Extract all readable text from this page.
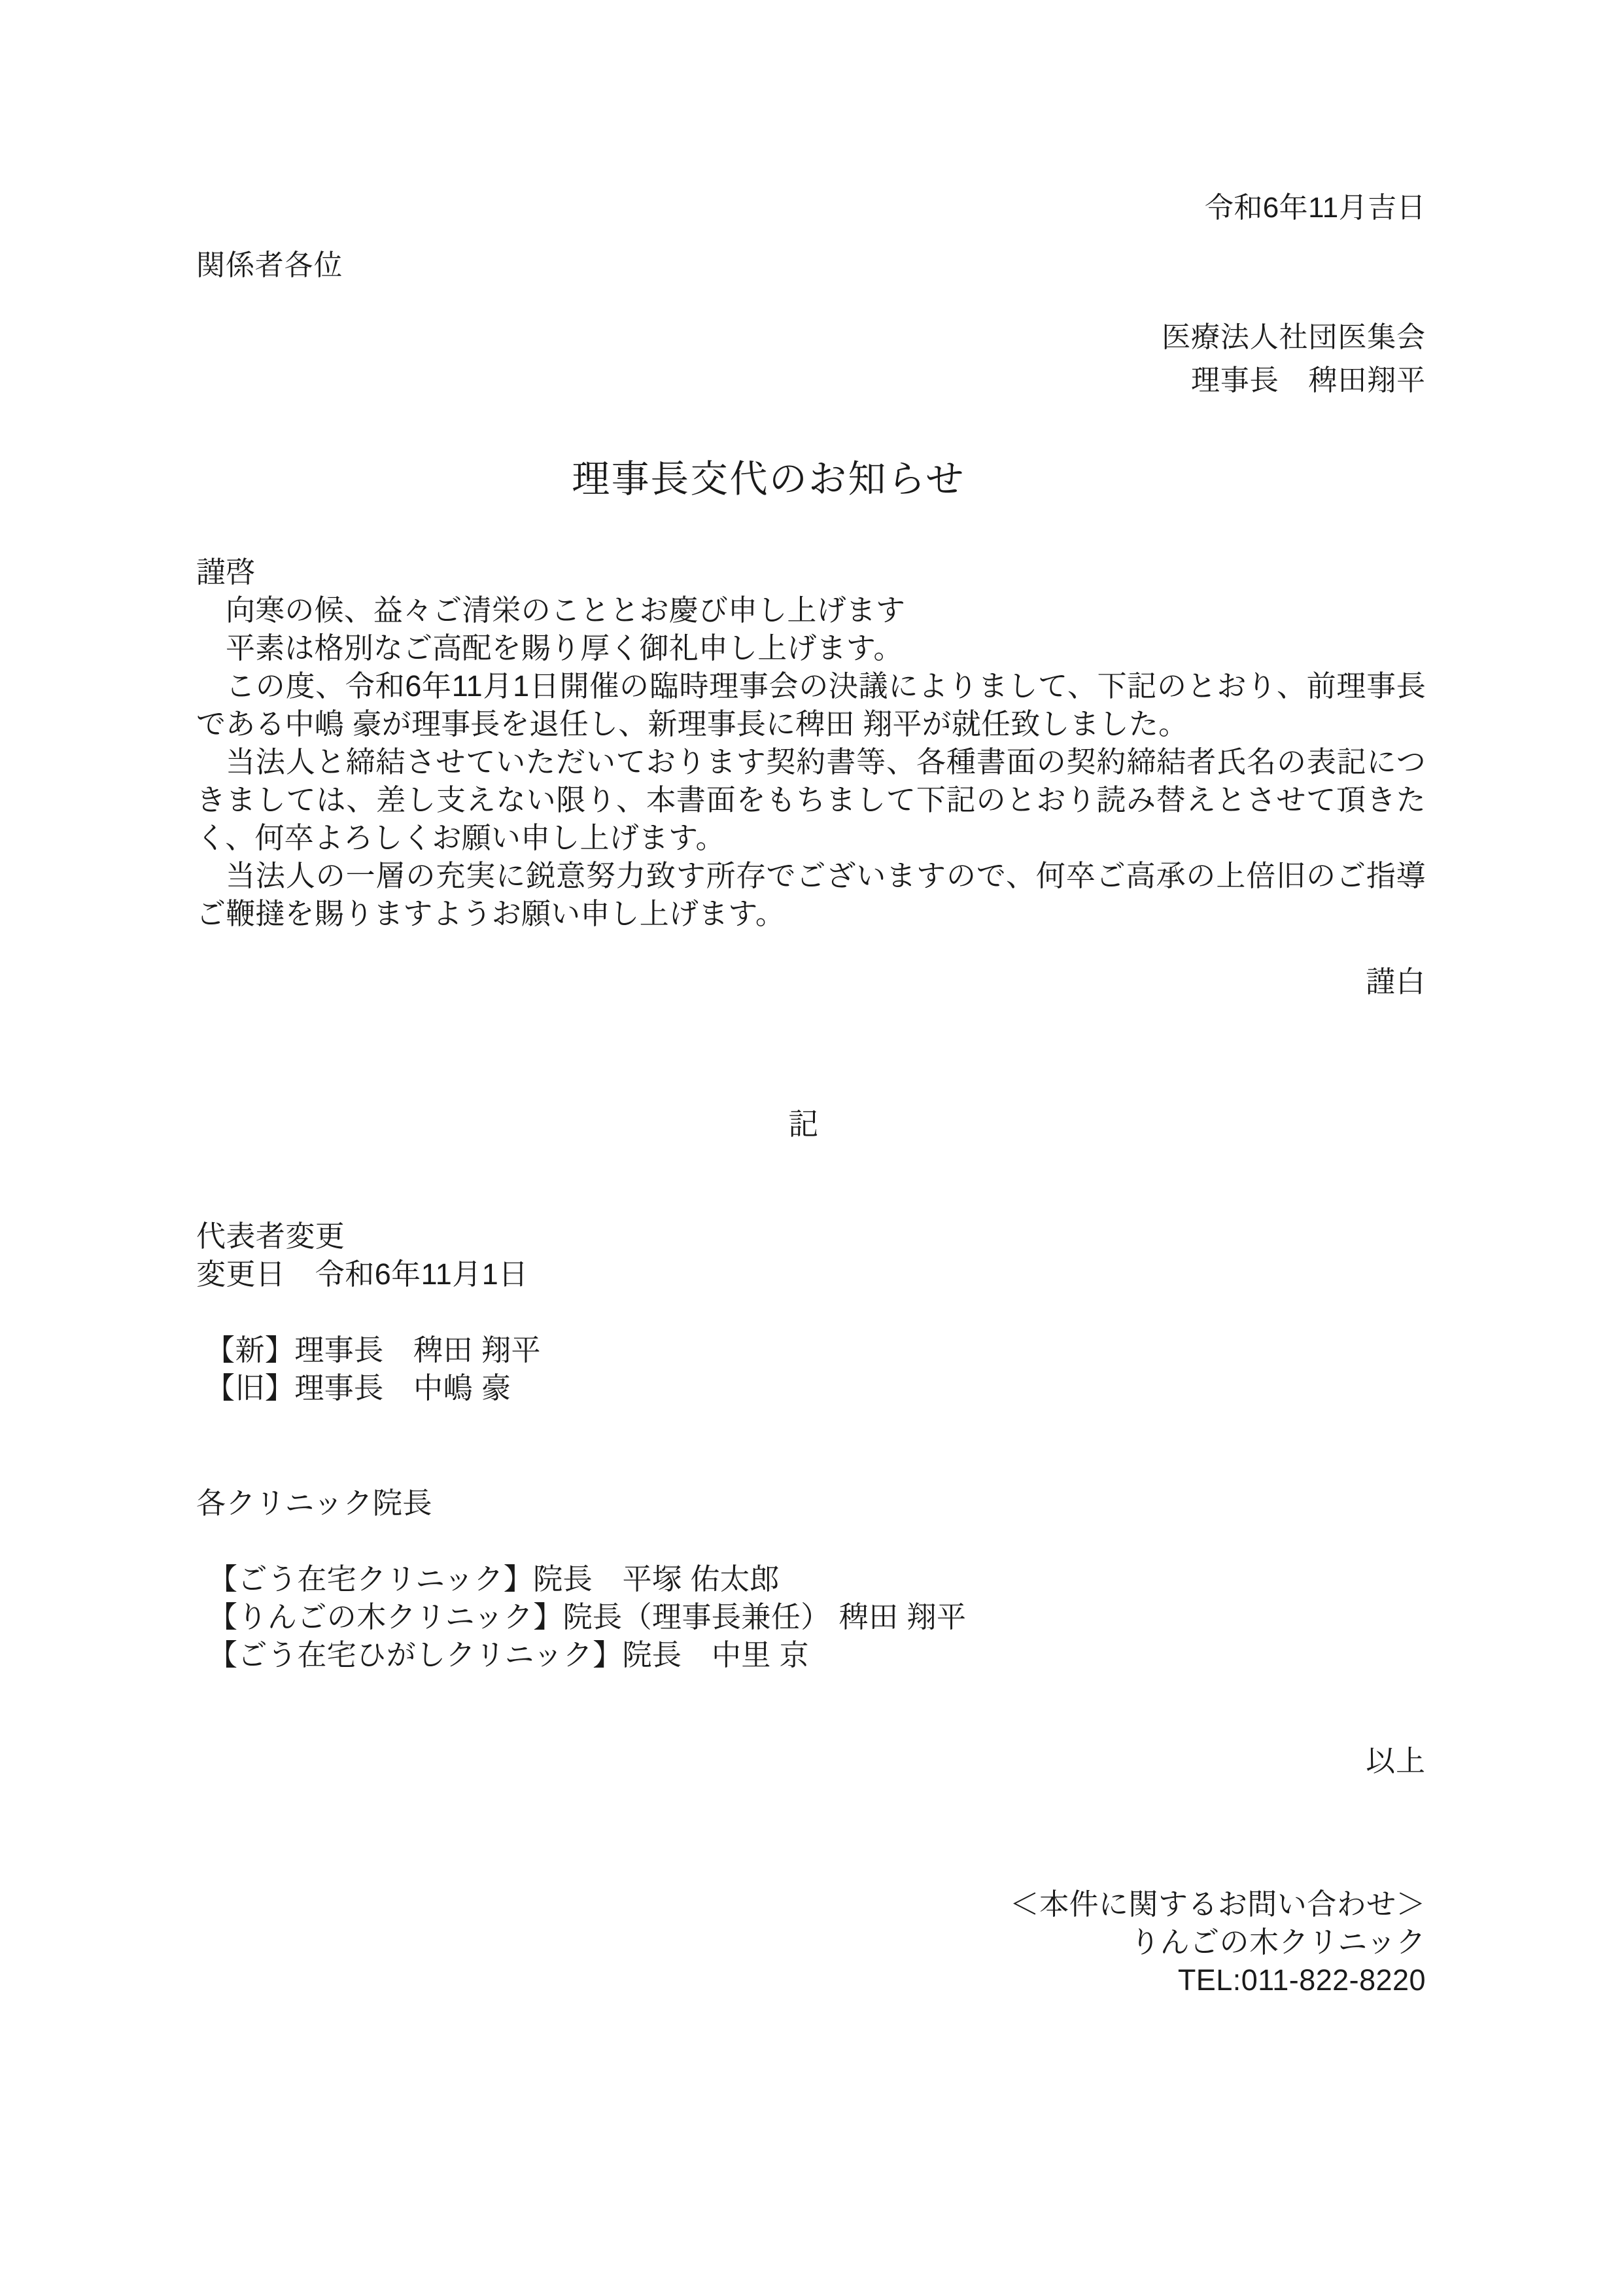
令和6年11月吉日
関係者各位
医療法人社団医集会
理事長　稗田翔平
理事長交代のお知らせ

謹啓

向寒の候、益々ご清栄のこととお慶び申し上げます

平素は格別なご高配を賜り厚く御礼申し上げます。

この度、令和6年11月1日開催の臨時理事会の決議によりまして、下記のとおり、前理事長である中嶋 豪が理事長を退任し、新理事長に稗田 翔平が就任致しました。

当法人と締結させていただいております契約書等、各種書面の契約締結者氏名の表記につきましては、差し支えない限り、本書面をもちまして下記のとおり読み替えとさせて頂きたく、何卒よろしくお願い申し上げます。

当法人の一層の充実に鋭意努力致す所存でございますので、何卒ご高承の上倍旧のご指導ご鞭撻を賜りますようお願い申し上げます。

謹白
記
代表者変更
変更日　令和6年11月1日
【新】理事長　稗田 翔平
【旧】理事長　中嶋 豪
各クリニック院長
【ごう在宅クリニック】院長　平塚 佑太郎
【りんごの木クリニック】院長（理事長兼任） 稗田 翔平
【ごう在宅ひがしクリニック】院長　中里 京
以上
＜本件に関するお問い合わせ＞
りんごの木クリニック
TEL:011-822-8220
